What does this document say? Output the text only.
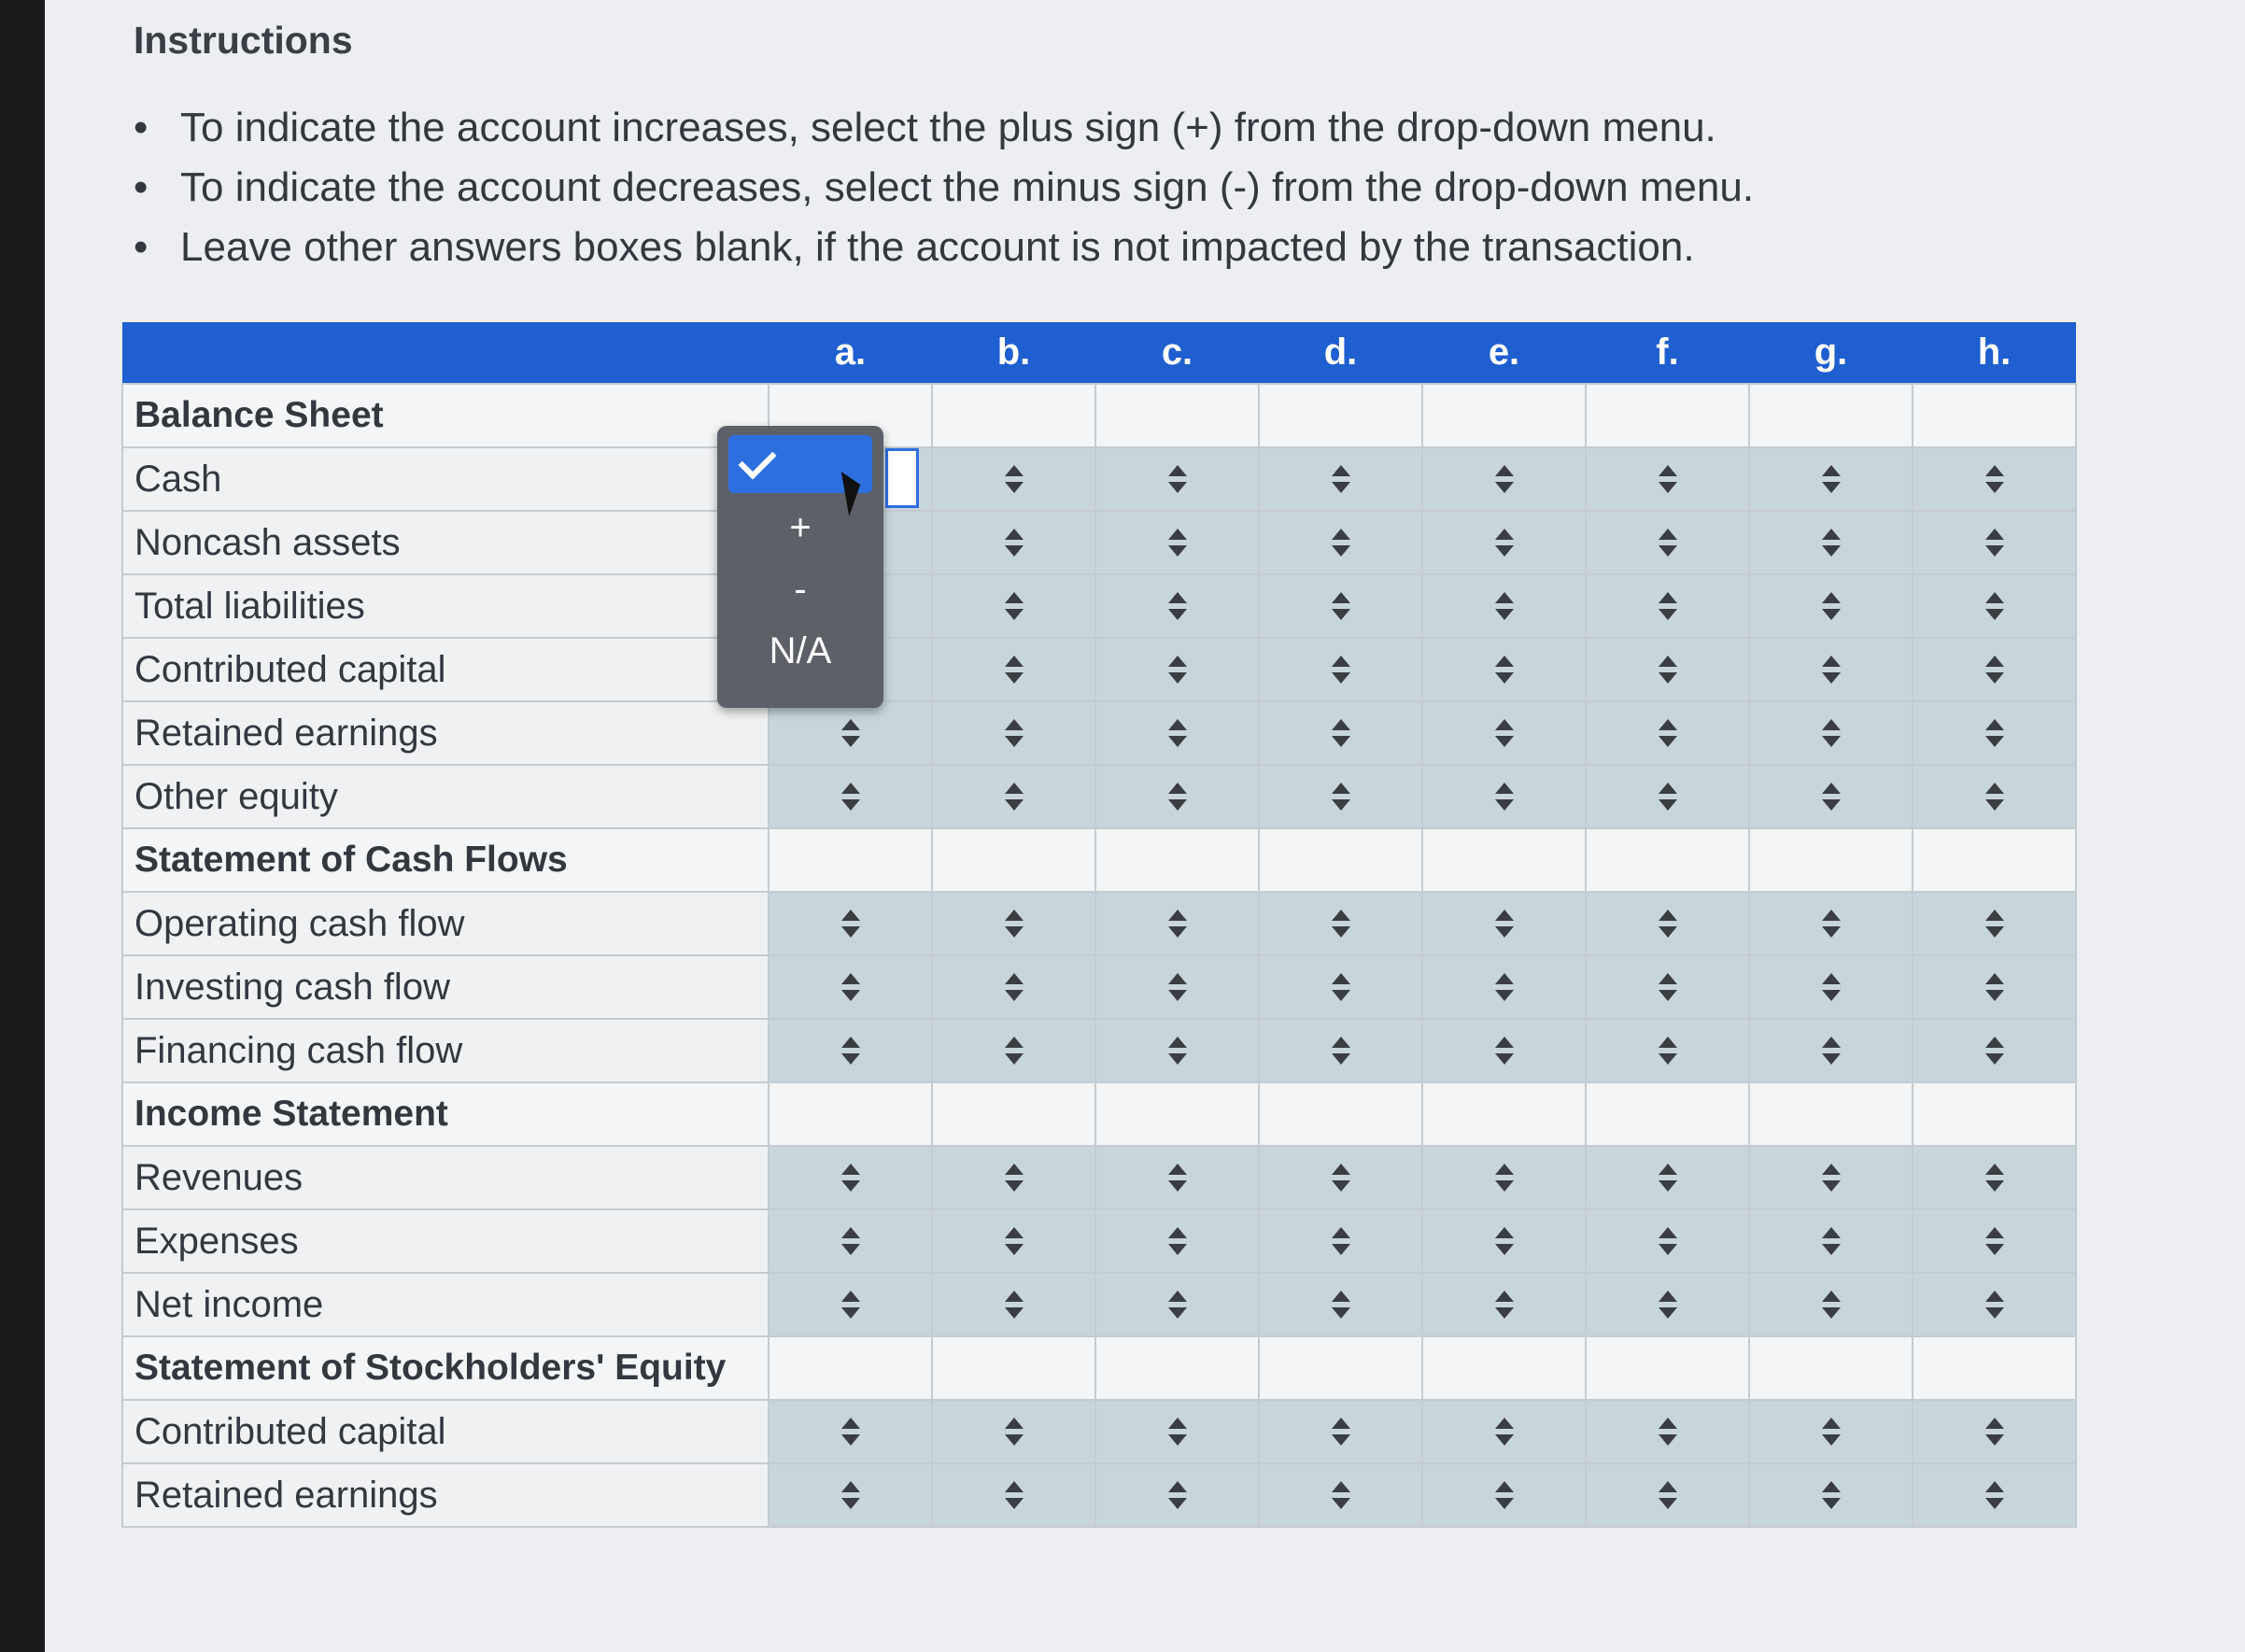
Instructions
• To indicate the account increases, select the plus sign (+) from the drop-down menu.
• To indicate the account decreases, select the minus sign (-) from the drop-down menu.
• Leave other answers boxes blank, if the account is not impacted by the transaction.
	a.	b.	c.	d.	e.	f.	g.	h.
Balance Sheet								
Cash	

Noncash assets	

Total liabilities	

Contributed capital	

Retained earnings	

Other equity	

Statement of Cash Flows								
Operating cash flow	

Investing cash flow	

Financing cash flow	

Income Statement								
Revenues	

Expenses	

Net income	

Statement of Stockholders' Equity								
Contributed capital	

Retained earnings	

+
-
N/A
